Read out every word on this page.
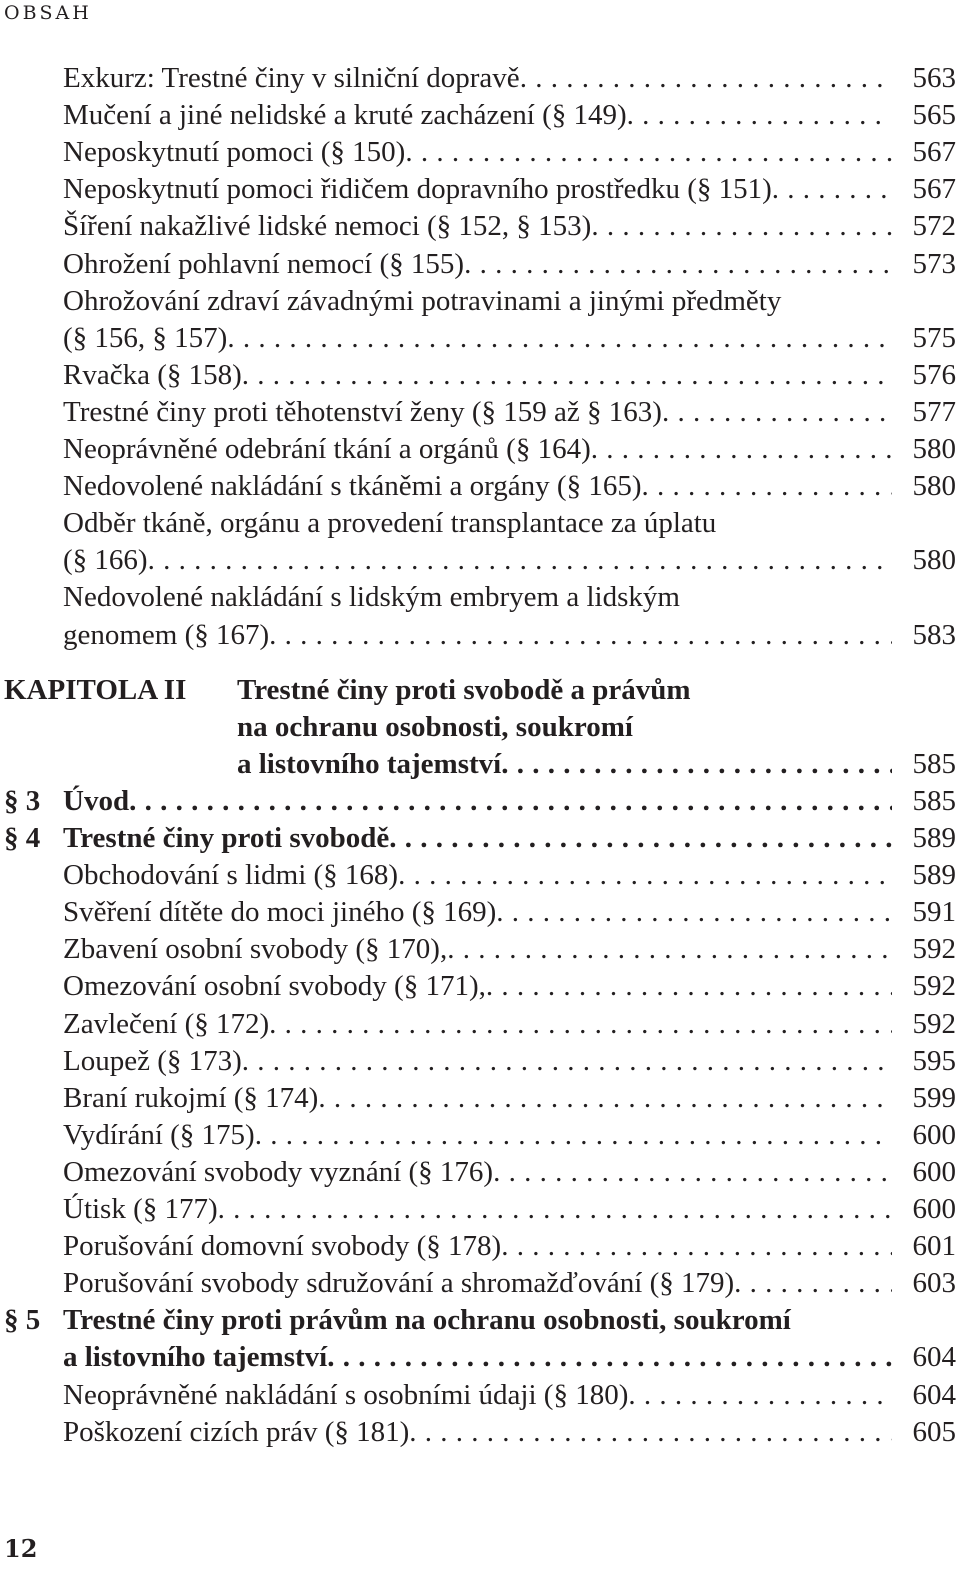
OBSAH
Exkurz: Trestné činy v silniční dopravě . . .	563
Mučení a jiné nelidské a kruté zacházení (§ 149) . . .	565
Neposkytnutí pomoci (§ 150) . . .	567
Neposkytnutí pomoci řidičem dopravního prostředku (§ 151) . . .	567
Šíření nakažlivé lidské nemoci (§ 152, § 153) . . .	572
Ohrožení pohlavní nemocí (§ 155) . . .	573
Ohrožování zdraví závadnými potravinami a jinými předměty
(§ 156, § 157) . . .	575
Rvačka (§ 158) . . .	576
Trestné činy proti těhotenství ženy (§ 159 až § 163) . . .	577
Neoprávněné odebrání tkání a orgánů (§ 164) . . .	580
Nedovolené nakládání s tkáněmi a orgány (§ 165) . . .	580
Odběr tkáně, orgánu a provedení transplantace za úplatu
(§ 166) . . .	580
Nedovolené nakládání s lidským embryem a lidským
genomem (§ 167) . . .	583
KAPITOLA II Trestné činy proti svobodě a právům
na ochranu osobnosti, soukromí
a listovního tajemství . . .	585
§ 3 Úvod . . .	585
§ 4 Trestné činy proti svobodě . . .	589
Obchodování s lidmi (§ 168) . . .	589
Svěření dítěte do moci jiného (§ 169) . . .	591
Zbavení osobní svobody (§ 170), . . .	592
Omezování osobní svobody (§ 171), . . .	592
Zavlečení (§ 172) . . .	592
Loupež (§ 173) . . .	595
Braní rukojmí (§ 174) . . .	599
Vydírání (§ 175) . . .	600
Omezování svobody vyznání (§ 176) . . .	600
Útisk (§ 177) . . .	600
Porušování domovní svobody (§ 178) . . .	601
Porušování svobody sdružování a shromažďování (§ 179) . . .	603
§ 5 Trestné činy proti právům na ochranu osobnosti, soukromí
a listovního tajemství . . .	604
Neoprávněné nakládání s osobními údaji (§ 180) . . .	604
Poškození cizích práv (§ 181) . . .	605
12
